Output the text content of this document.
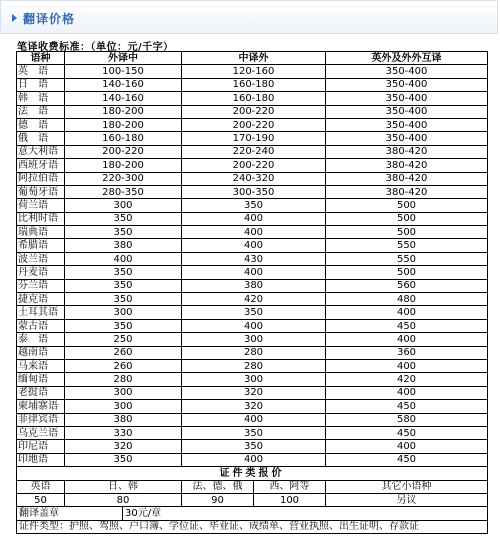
翻译价格
笔译收费标准：（单位：元/千字）
语种	外译中		中译外		英外及外外互译
英　语	100-150		120-160		350-400
日　语	140-160		160-180		350-400
韩　语	140-160		160-180		350-400
法　语	180-200		200-220		350-400
德　语	180-200		200-220		350-400
俄　语	160-180		170-190		350-400
意大利语	200-220		220-240		380-420
西班牙语	180-200		200-220		380-420
阿拉伯语	220-300		240-320		380-420
葡萄牙语	280-350		300-350		380-420
荷兰语	300		350		500
比利时语	350		400		500
瑞典语	350		400		500
希腊语	380		400		550
波兰语	400		430		550
丹麦语	350		400		500
芬兰语	350		380		560
捷克语	350		420		480
土耳其语	300		350		400
蒙古语	350		400		450
泰　语	250		300		400
越南语	260		280		360
马来语	260		280		400
缅甸语	280		300		420
老挝语	300		320		400
柬埔寨语	300		320		450
菲律宾语	380		400		580
乌克兰语	330		350		450
印尼语	320		350		400
印地语	350		400		450
证件类报价					
英语	日、韩		法、德、俄	西、阿等	其它小语种
50	80		90	100	另议
翻译盖章		30元/章			
证件类型：护照、驾照、户口簿、学位证、毕业证、成绩单、营业执照、出生证明、存款证					
